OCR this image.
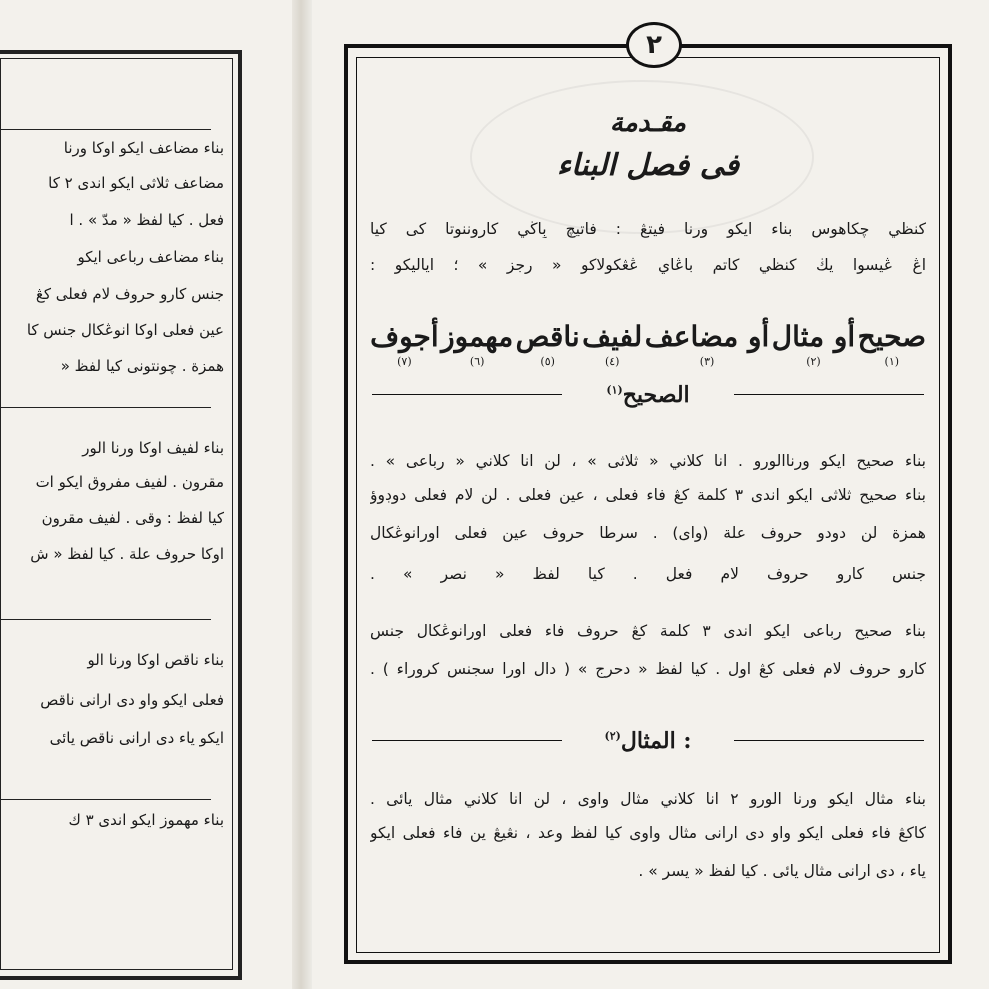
بناء مضاعف ایکو اوکا ورنا
مضاعف ثلاثی ایکو اندی ٢ كا
فعل . كيا لفظ « مدّ » . ا
بناء مضاعف رباعی ایکو
جنس کارو حروف لام فعلی كڠ
عين فعلی اوکا انوڠکال جنس کا
همزة . چونتونی كيا لفظ «
بناء لفيف اوکا ورنا الور
مقرون . لفيف مفروق ایکو ات
كيا لفظ : وقى . لفيف مقرون
اوکا حروف علة . كيا لفظ « ش
بناء ناقص اوکا ورنا الو
فعلی ایکو واو دی ارانی ناقص
ایکو یاء دی ارانی ناقص يائی
بناء مهموز ایکو اندی ٣ ك
٢
مقـدمة
فی فصل البناء
کنظي چکاهوس بناء ایکو ورنا فيتڠ : فاتیچ بِاڬي کاروننوتا کی کیا
اڠ ڠيسوا یڬ كنظي كاتم باڠاي ڠڠکولاكو « رجز » ؛ ایالیكو :
صحيح
(١)
أو مثال
(٢)
أو مضاعف
(٣)
لفيف
(٤)
ناقص
(٥)
مهموز
(٦)
أجوف
(٧)
$^{(١)}$الصحيح
بناء صحيح ایکو ورناالورو . انا كلاني « ثلاثی » ، لن انا كلاني « رباعی » .
بناء صحيح ثلاثی ایکو اندی ٣ كلمة كڠ فاء فعلی ، عين فعلی . لن لام فعلی دوڊوؤ
همزة لن دودو حروف علة (واى) . سرطا حروف عين فعلی اورانوڠکال
جنس کارو حروف لام فعل . كيا لفظ « نصر » .
بناء صحيح رباعی ایکو اندی ٣ كلمة كڠ حروف فاء فعلی اورانوڠکال جنس
کارو حروف لام فعلی كڠ اول . كيا لفظ « دحرج » ( دال اورا سجنس كروراء ) .
$^{(٢)}$المثال :
بناء مثال ایکو ورنا الورو ٢ انا كلاني مثال واوى ، لن انا كلاني مثال يائی .
كاكڠ فاء فعلی ایکو واو دی ارانی مثال واوى كيا لفظ وعد ، نڠيڠ ین فاء فعلی ایکو
یاء ، دی ارانی مثال يائی . كيا لفظ « يسر » .
